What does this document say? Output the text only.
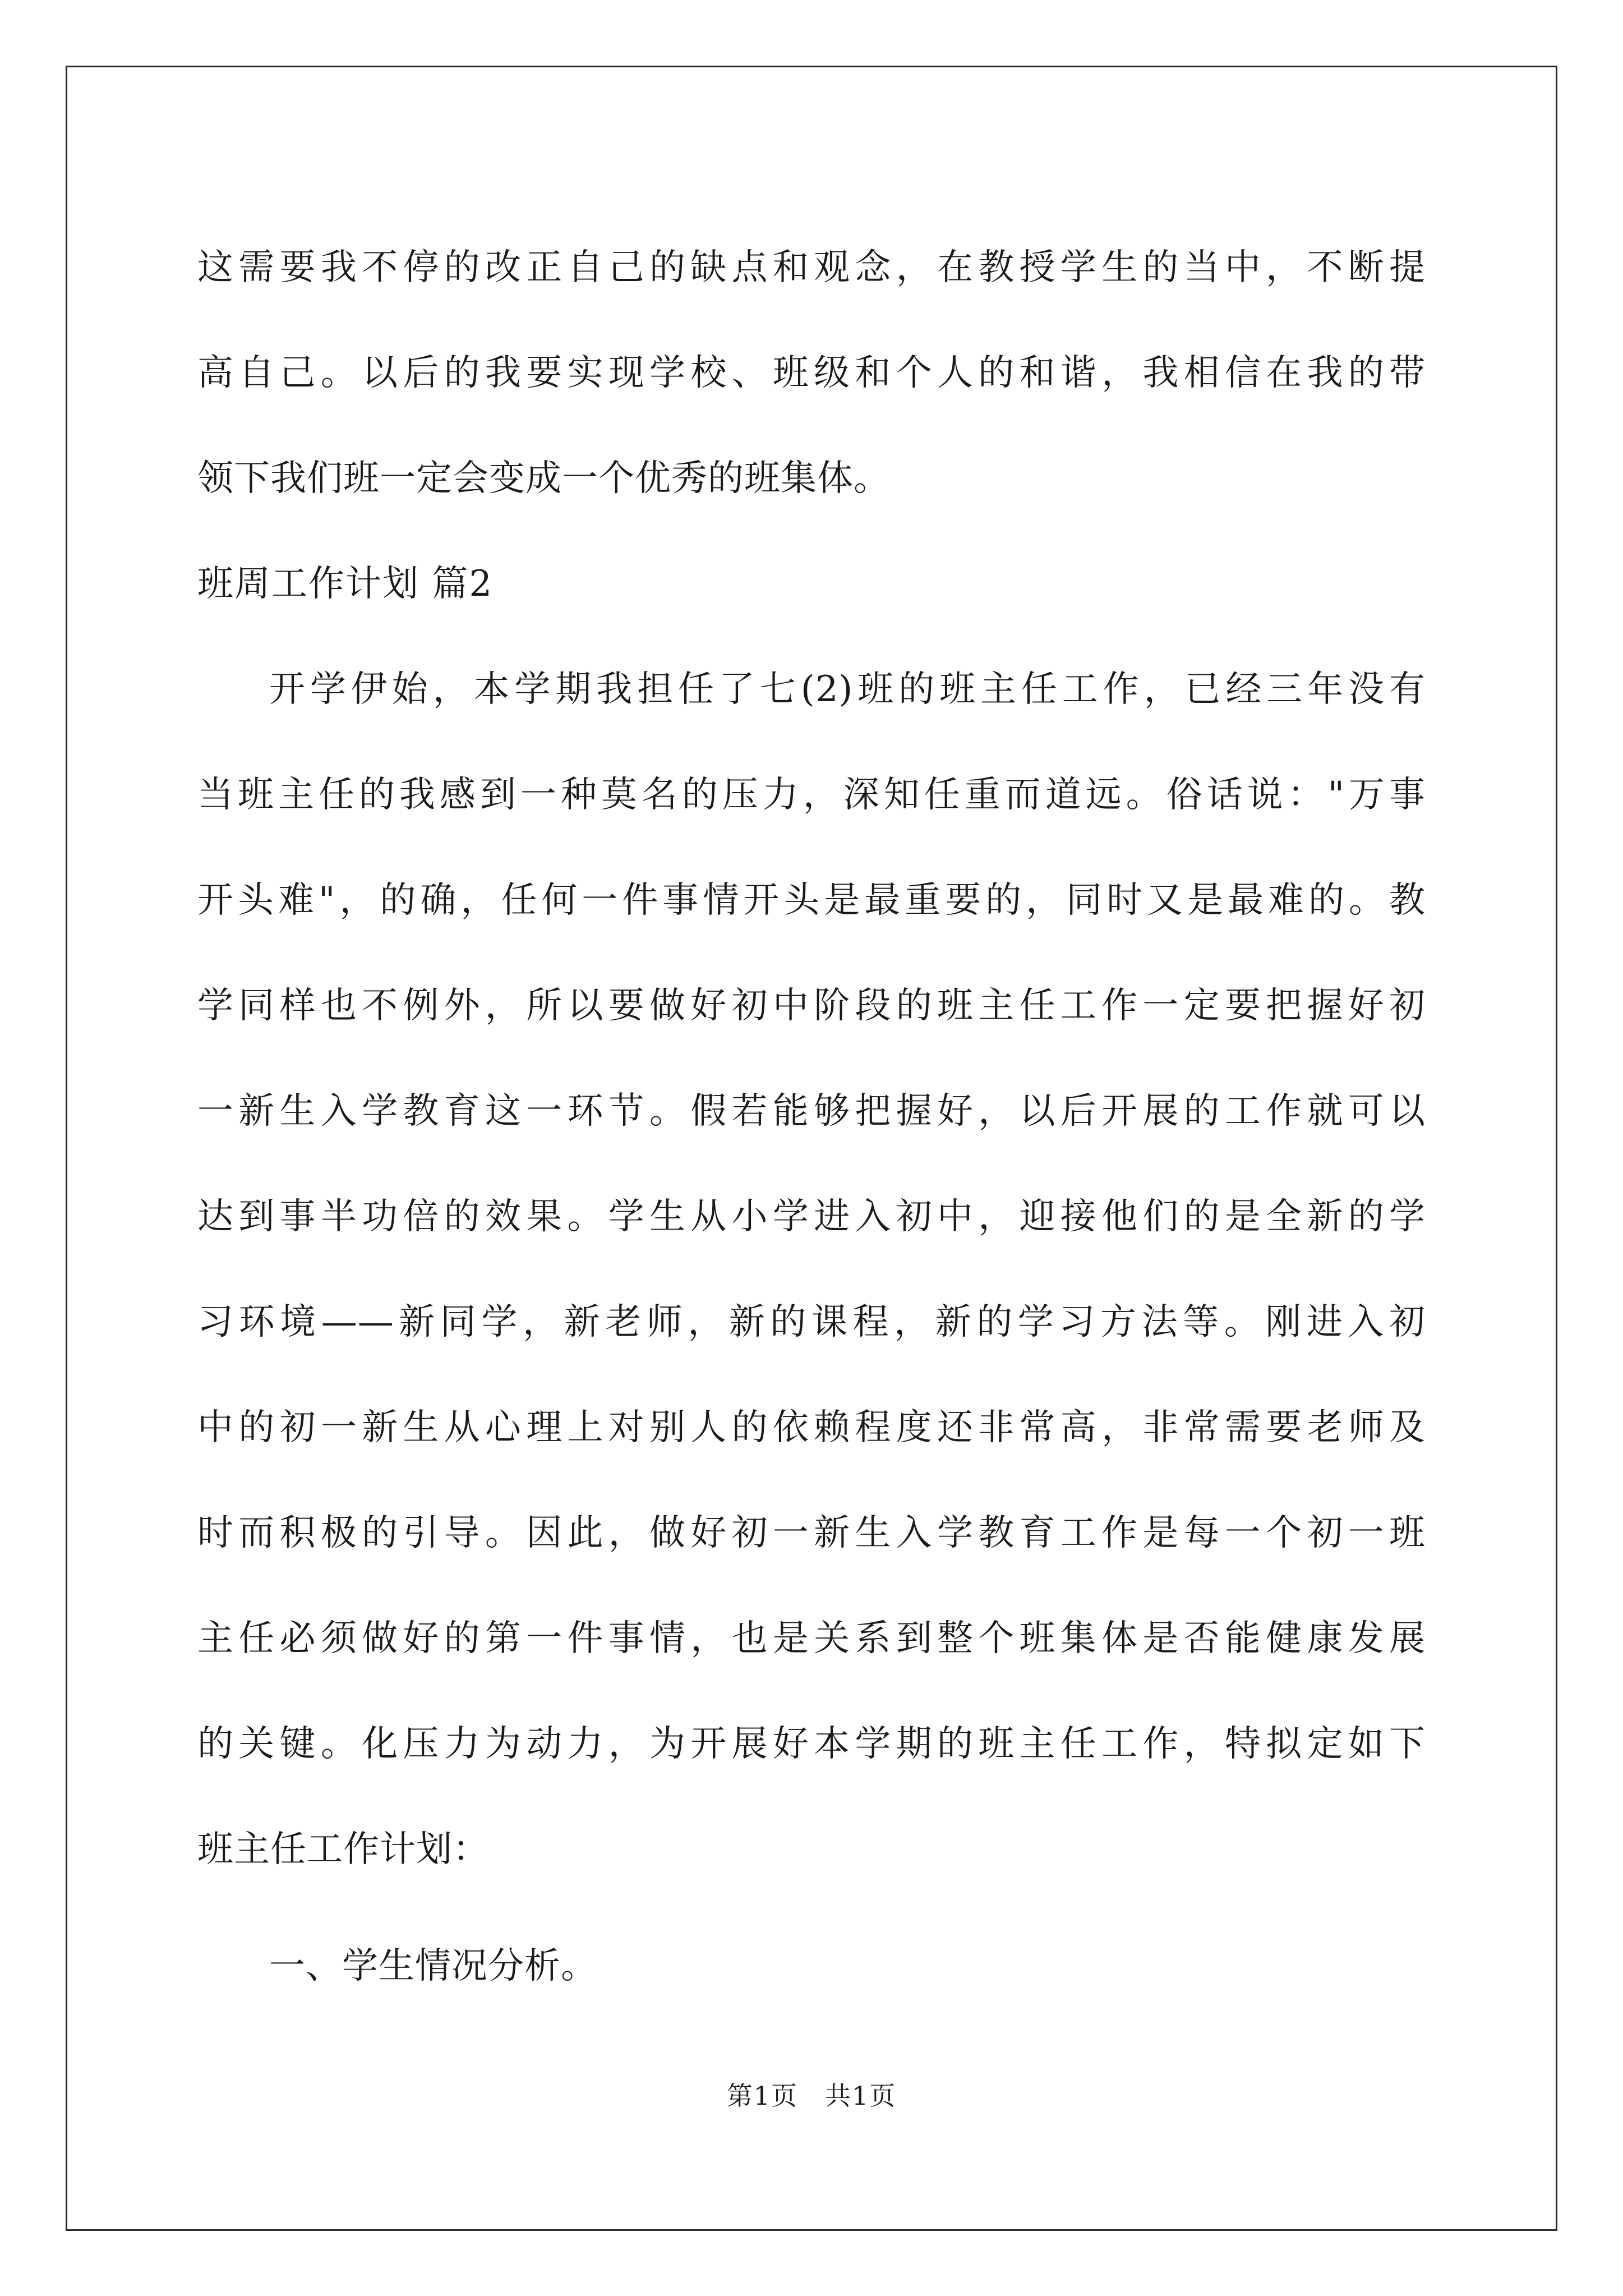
这需要我不停的改正自己的缺点和观念，在教授学生的当中，不断提
高自己。以后的我要实现学校、班级和个人的和谐，我相信在我的带
领下我们班一定会变成一个优秀的班集体。
班周工作计划 篇2
开学伊始，本学期我担任了七(2)班的班主任工作，已经三年没有
当班主任的我感到一种莫名的压力，深知任重而道远。俗话说："万事
开头难"，的确，任何一件事情开头是最重要的，同时又是最难的。教
学同样也不例外，所以要做好初中阶段的班主任工作一定要把握好初
一新生入学教育这一环节。假若能够把握好，以后开展的工作就可以
达到事半功倍的效果。学生从小学进入初中，迎接他们的是全新的学
习环境——新同学，新老师，新的课程，新的学习方法等。刚进入初
中的初一新生从心理上对别人的依赖程度还非常高，非常需要老师及
时而积极的引导。因此，做好初一新生入学教育工作是每一个初一班
主任必须做好的第一件事情，也是关系到整个班集体是否能健康发展
的关键。化压力为动力，为开展好本学期的班主任工作，特拟定如下
班主任工作计划：
一、学生情况分析。
第1页　共1页
